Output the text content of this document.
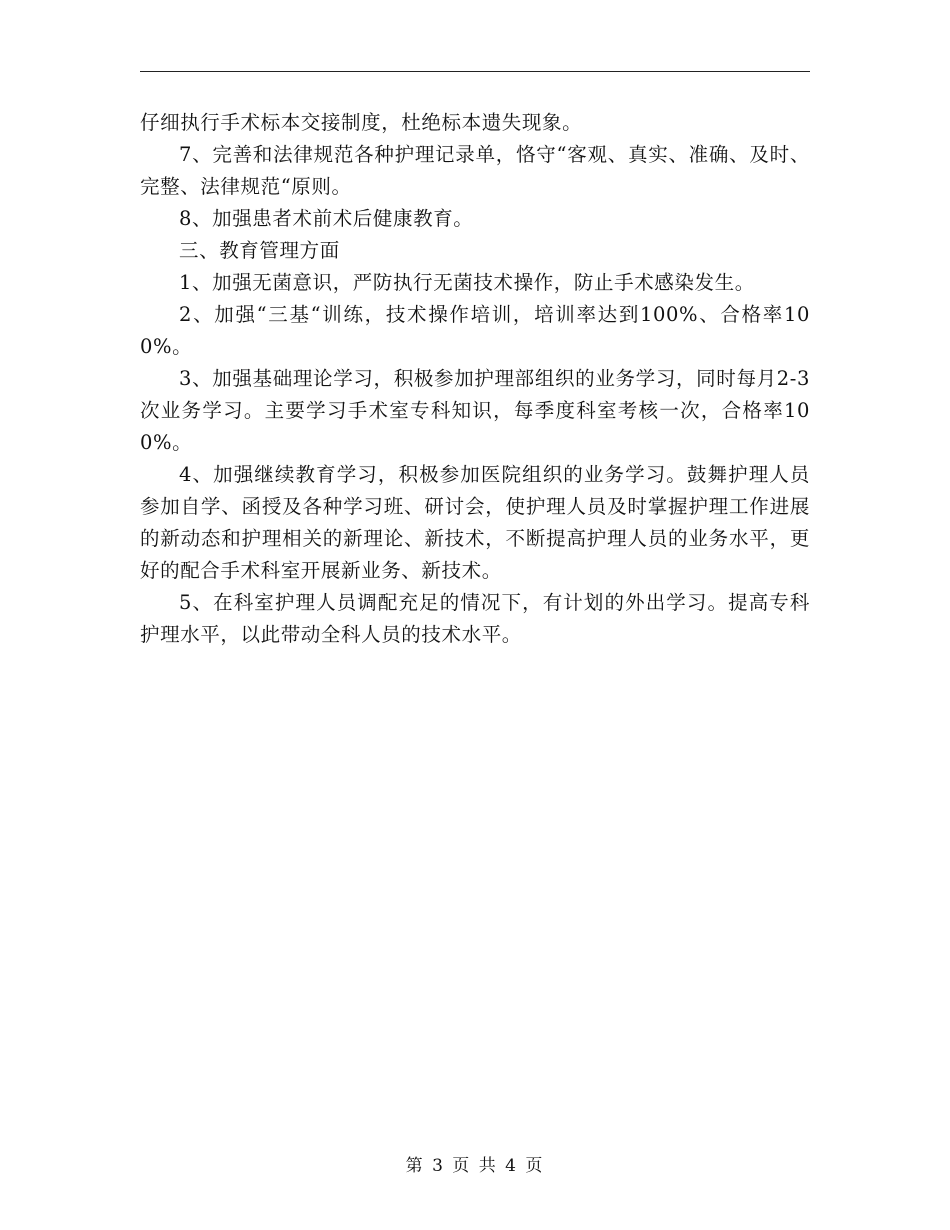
仔细执行手术标本交接制度，杜绝标本遗失现象。

7、完善和法律规范各种护理记录单，恪守“客观、真实、准确、及时、完整、法律规范“原则。

8、加强患者术前术后健康教育。

三、教育管理方面

1、加强无菌意识，严防执行无菌技术操作，防止手术感染发生。

2、加强“三基“训练，技术操作培训，培训率达到100%、合格率100%。

3、加强基础理论学习，积极参加护理部组织的业务学习，同时每月2-3次业务学习。主要学习手术室专科知识，每季度科室考核一次，合格率100%。

4、加强继续教育学习，积极参加医院组织的业务学习。鼓舞护理人员参加自学、函授及各种学习班、研讨会，使护理人员及时掌握护理工作进展的新动态和护理相关的新理论、新技术，不断提高护理人员的业务水平，更好的配合手术科室开展新业务、新技术。

5、在科室护理人员调配充足的情况下，有计划的外出学习。提高专科护理水平，以此带动全科人员的技术水平。

第 3 页 共 4 页
